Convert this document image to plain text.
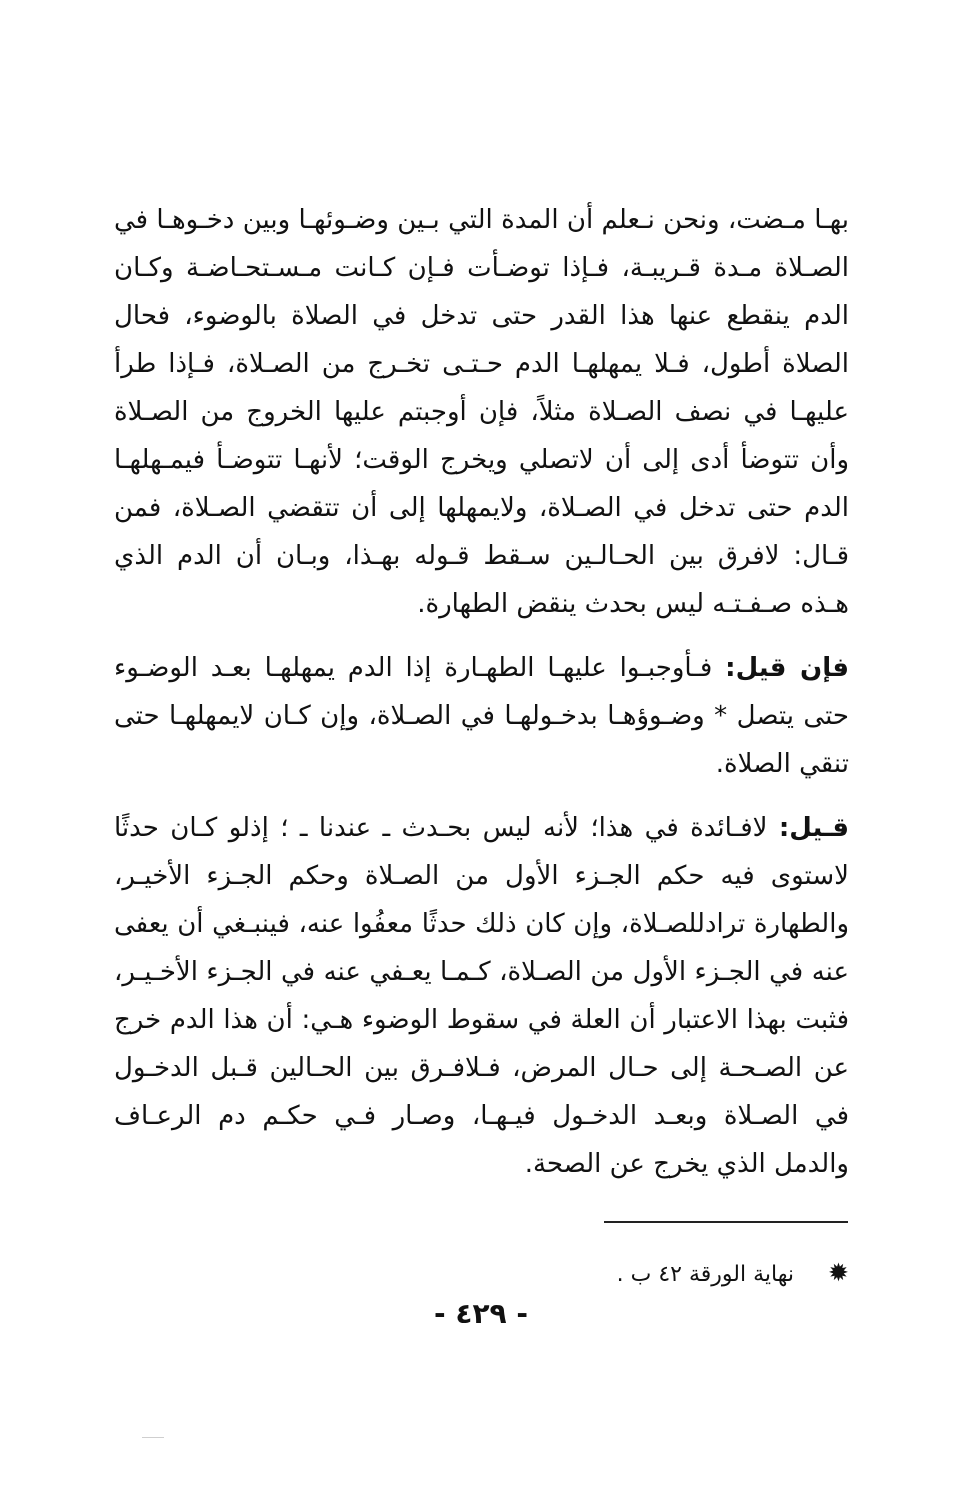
بهـا مـضت، ونحن نـعلم أن المدة التي بـين وضـوئهـا وبين دخـوهـا في الصـلاة مـدة قـريبـة، فـإذا توضـأت فـإن كـانت مـسـتحـاضـة وكـان الدم ينقطع عنها هذا القدر حتى تدخل في الصلاة بالوضوء، فحال الصلاة أطول، فـلا يمهلهـا الدم حـتـى تخـرج من الصـلاة، فـإذا طرأ عليهـا في نصف الصـلاة مثلاً، فإن أوجبتم عليها الخروج من الصـلاة وأن تتوضأ أدى إلى أن لاتصلي ويخرج الوقت؛ لأنهـا تتوضـأ فيمـهلهـا الدم حتى تدخل في الصـلاة، ولايمهلها إلى أن تتقضي الصـلاة، فمن قـال: لافرق بين الحـالـين سـقط قـوله بهـذا، وبـان أن الدم الذي هـذه صـفـتـه ليس بحدث ينقض الطهارة.

فإن قيل: فـأوجبـوا عليهـا الطهـارة إذا الدم يمهلهـا بعـد الوضـوء حتى يتصل * وضـوؤهـا بدخـولهـا في الصـلاة، وإن كـان لايمهلهـا حتى تنقي الصلاة.

قـيل: لافـائدة في هذا؛ لأنه ليس بحـدث ـ عندنا ـ ؛ إذلو كـان حدثًا لاستوى فيه حكم الجـزء الأول من الصـلاة وحكم الجـزء الأخيـر، والطهارة ترادللصـلاة، وإن كان ذلك حدثًا معفُوا عنه، فينبـغي أن يعفى عنه في الجـزء الأول من الصـلاة، كـمـا يعـفي عنه في الجـزء الأخـيـر، فثبت بهذا الاعتبار أن العلة في سقوط الوضوء هـي: أن هذا الدم خرج عن الصـحـة إلى حـال المرض، فـلافـرق بين الحـالين قـبل الدخـول في الصـلاة وبعـد الدخـول فيـهـا، وصـار فـي حكـم دم الرعـاف والدمل الذي يخرج عن الصحة.

✹ نهاية الورقة ٤٢ ب .
- ٤٢٩ -
